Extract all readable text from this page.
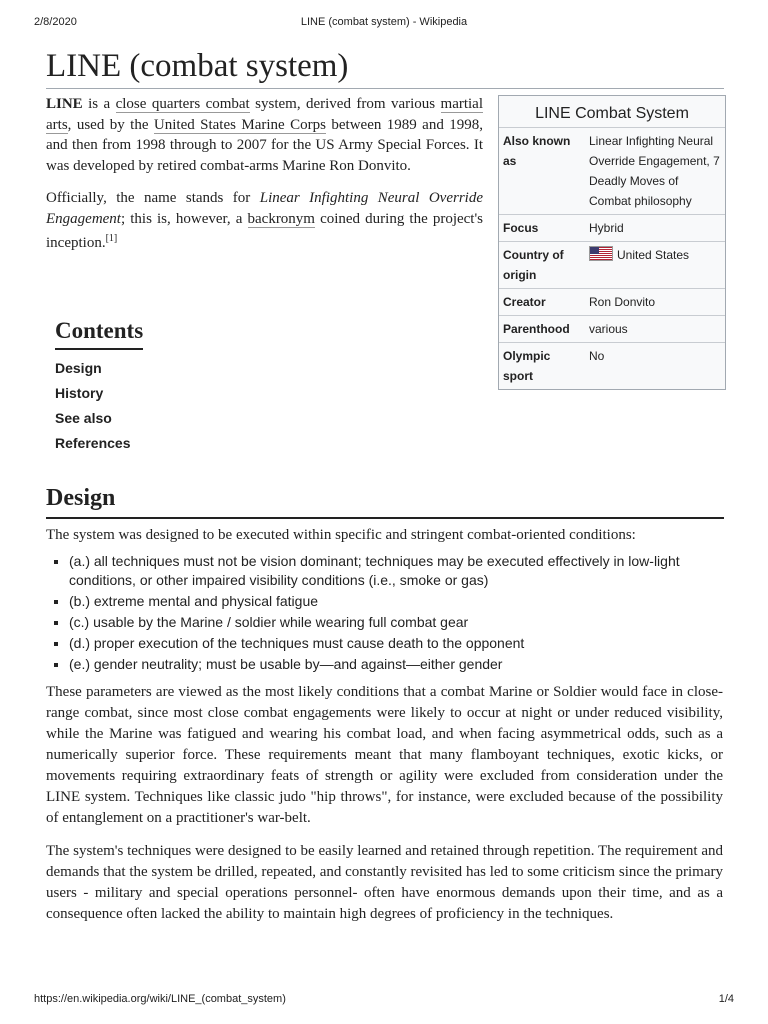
2/8/2020	LINE (combat system) - Wikipedia
LINE (combat system)

LINE is a close quarters combat system, derived from various martial arts, used by the United States Marine Corps between 1989 and 1998, and then from 1998 through to 2007 for the US Army Special Forces. It was developed by retired combat-arms Marine Ron Donvito.

Officially, the name stands for Linear Infighting Neural Override Engagement; this is, however, a backronym coined during the project's inception.[1]

LINE Combat System
Also known as	Linear Infighting Neural Override Engagement, 7 Deadly Moves of Combat philosophy
Focus	Hybrid
Country of origin	United States
Creator	Ron Donvito
Parenthood	various
Olympic sport	No
Contents
Design
History
See also
References
Design

The system was designed to be executed within specific and stringent combat-oriented conditions:

▪ (a.) all techniques must not be vision dominant; techniques may be executed effectively in low-light conditions, or other impaired visibility conditions (i.e., smoke or gas)
▪ (b.) extreme mental and physical fatigue
▪ (c.) usable by the Marine / soldier while wearing full combat gear
▪ (d.) proper execution of the techniques must cause death to the opponent
▪ (e.) gender neutrality; must be usable by—and against—either gender

These parameters are viewed as the most likely conditions that a combat Marine or Soldier would face in close-range combat, since most close combat engagements were likely to occur at night or under reduced visibility, while the Marine was fatigued and wearing his combat load, and when facing asymmetrical odds, such as a numerically superior force. These requirements meant that many flamboyant techniques, exotic kicks, or movements requiring extraordinary feats of strength or agility were excluded from consideration under the LINE system. Techniques like classic judo "hip throws", for instance, were excluded because of the possibility of entanglement on a practitioner's war-belt.

The system's techniques were designed to be easily learned and retained through repetition. The requirement and demands that the system be drilled, repeated, and constantly revisited has led to some criticism since the primary users - military and special operations personnel- often have enormous demands upon their time, and as a consequence often lacked the ability to maintain high degrees of proficiency in the techniques.

https://en.wikipedia.org/wiki/LINE_(combat_system)	1/4
